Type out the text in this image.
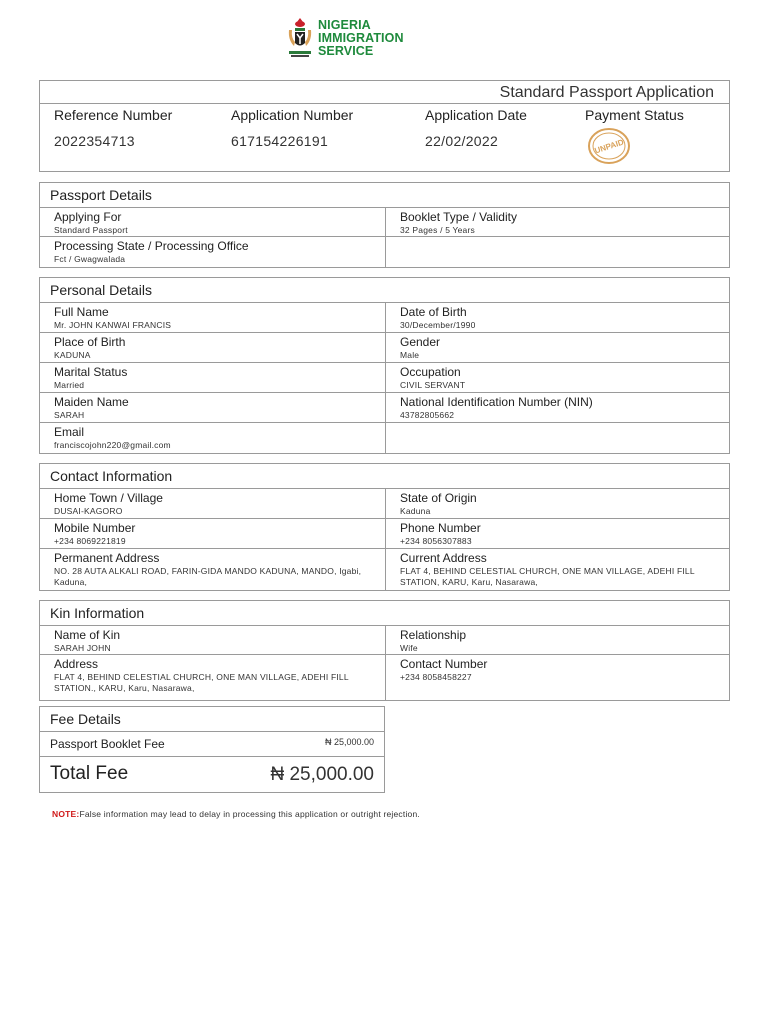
NIGERIA
IMMIGRATION
SERVICE
Standard Passport Application
Reference Number
2022354713
Application Number
617154226191
Application Date
22/02/2022
Payment Status
UNPAID
Passport Details
Applying For
Standard Passport
Booklet Type / Validity
32 Pages / 5 Years
Processing State / Processing Office
Fct / Gwagwalada
Personal Details
Full Name
Mr. JOHN KANWAI FRANCIS
Date of Birth
30/December/1990
Place of Birth
KADUNA
Gender
Male
Marital Status
Married
Occupation
CIVIL SERVANT
Maiden Name
SARAH
National Identification Number (NIN)
43782805662
Email
franciscojohn220@gmail.com
Contact Information
Home Town / Village
DUSAI-KAGORO
State of Origin
Kaduna
Mobile Number
+234 8069221819
Phone Number
+234 8056307883
Permanent Address
NO. 28 AUTA ALKALI ROAD, FARIN-GIDA MANDO KADUNA, MANDO, Igabi, Kaduna,
Current Address
FLAT 4, BEHIND CELESTIAL CHURCH, ONE MAN VILLAGE, ADEHI FILL STATION, KARU, Karu, Nasarawa,
Kin Information
Name of Kin
SARAH JOHN
Relationship
Wife
Address
FLAT 4, BEHIND CELESTIAL CHURCH, ONE MAN VILLAGE, ADEHI FILL STATION., KARU, Karu, Nasarawa,
Contact Number
+234 8058458227
Fee Details
Passport Booklet Fee	₦ 25,000.00
Total Fee	₦ 25,000.00
NOTE:False information may lead to delay in processing this application or outright rejection.
